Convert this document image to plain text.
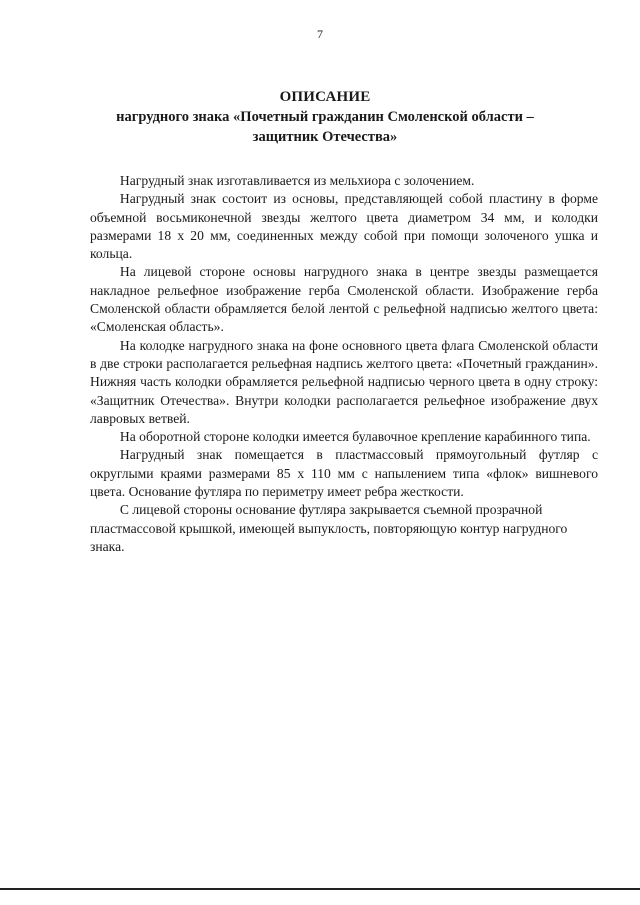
7
ОПИСАНИЕ
нагрудного знака «Почетный гражданин Смоленской области –
защитник Отечества»

Нагрудный знак изготавливается из мельхиора с золочением.

Нагрудный знак состоит из основы, представляющей собой пластину в форме объемной восьмиконечной звезды желтого цвета диаметром 34 мм, и колодки размерами 18 х 20 мм, соединенных между собой при помощи золоченого ушка и кольца.

На лицевой стороне основы нагрудного знака в центре звезды размещается накладное рельефное изображение герба Смоленской области. Изображение герба Смоленской области обрамляется белой лентой с рельефной надписью желтого цвета: «Смоленская область».

На колодке нагрудного знака на фоне основного цвета флага Смоленской области в две строки располагается рельефная надпись желтого цвета: «Почетный гражданин». Нижняя часть колодки обрамляется рельефной надписью черного цвета в одну строку: «Защитник Отечества». Внутри колодки располагается рельефное изображение двух лавровых ветвей.

На оборотной стороне колодки имеется булавочное крепление карабинного типа.

Нагрудный знак помещается в пластмассовый прямоугольный футляр с округлыми краями размерами 85 х 110 мм с напылением типа «флок» вишневого цвета. Основание футляра по периметру имеет ребра жесткости.

С лицевой стороны основание футляра закрывается съемной прозрачной пластмассовой крышкой, имеющей выпуклость, повторяющую контур нагрудного знака.
